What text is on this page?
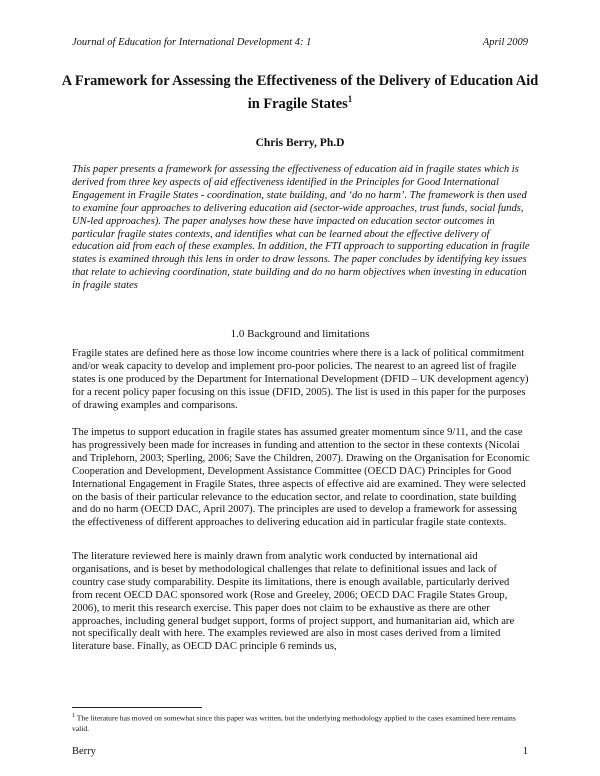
Journal of Education for International Development 4: 1	April 2009
A Framework for Assessing the Effectiveness of the Delivery of Education Aid in Fragile States$^1$
Chris Berry, Ph.D

This paper presents a framework for assessing the effectiveness of education aid in fragile states which is derived from three key aspects of aid effectiveness identified in the Principles for Good International Engagement in Fragile States - coordination, state building, and ‘do no harm’. The framework is then used to examine four approaches to delivering education aid (sector-wide approaches, trust funds, social funds, UN-led approaches). The paper analyses how these have impacted on education sector outcomes in particular fragile states contexts, and identifies what can be learned about the effective delivery of education aid from each of these examples. In addition, the FTI approach to supporting education in fragile states is examined through this lens in order to draw lessons. The paper concludes by identifying key issues that relate to achieving coordination, state building and do no harm objectives when investing in education in fragile states

1.0 Background and limitations

Fragile states are defined here as those low income countries where there is a lack of political commitment and/or weak capacity to develop and implement pro-poor policies. The nearest to an agreed list of fragile states is one produced by the Department for International Development (DFID – UK development agency) for a recent policy paper focusing on this issue (DFID, 2005). The list is used in this paper for the purposes of drawing examples and comparisons.

The impetus to support education in fragile states has assumed greater momentum since 9/11, and the case has progressively been made for increases in funding and attention to the sector in these contexts (Nicolai and Triplehorn, 2003; Sperling, 2006; Save the Children, 2007). Drawing on the Organisation for Economic Cooperation and Development, Development Assistance Committee (OECD DAC) Principles for Good International Engagement in Fragile States, three aspects of effective aid are examined. They were selected on the basis of their particular relevance to the education sector, and relate to coordination, state building and do no harm (OECD DAC, April 2007). The principles are used to develop a framework for assessing the effectiveness of different approaches to delivering education aid in particular fragile state contexts.

The literature reviewed here is mainly drawn from analytic work conducted by international aid organisations, and is beset by methodological challenges that relate to definitional issues and lack of country case study comparability. Despite its limitations, there is enough available, particularly derived from recent OECD DAC sponsored work (Rose and Greeley, 2006; OECD DAC Fragile States Group, 2006), to merit this research exercise. This paper does not claim to be exhaustive as there are other approaches, including general budget support, forms of project support, and humanitarian aid, which are not specifically dealt with here. The examples reviewed are also in most cases derived from a limited literature base. Finally, as OECD DAC principle 6 reminds us,

$^1$ The literature has moved on somewhat since this paper was written, but the underlying methodology applied to the cases examined here remains valid.
Berry	1
